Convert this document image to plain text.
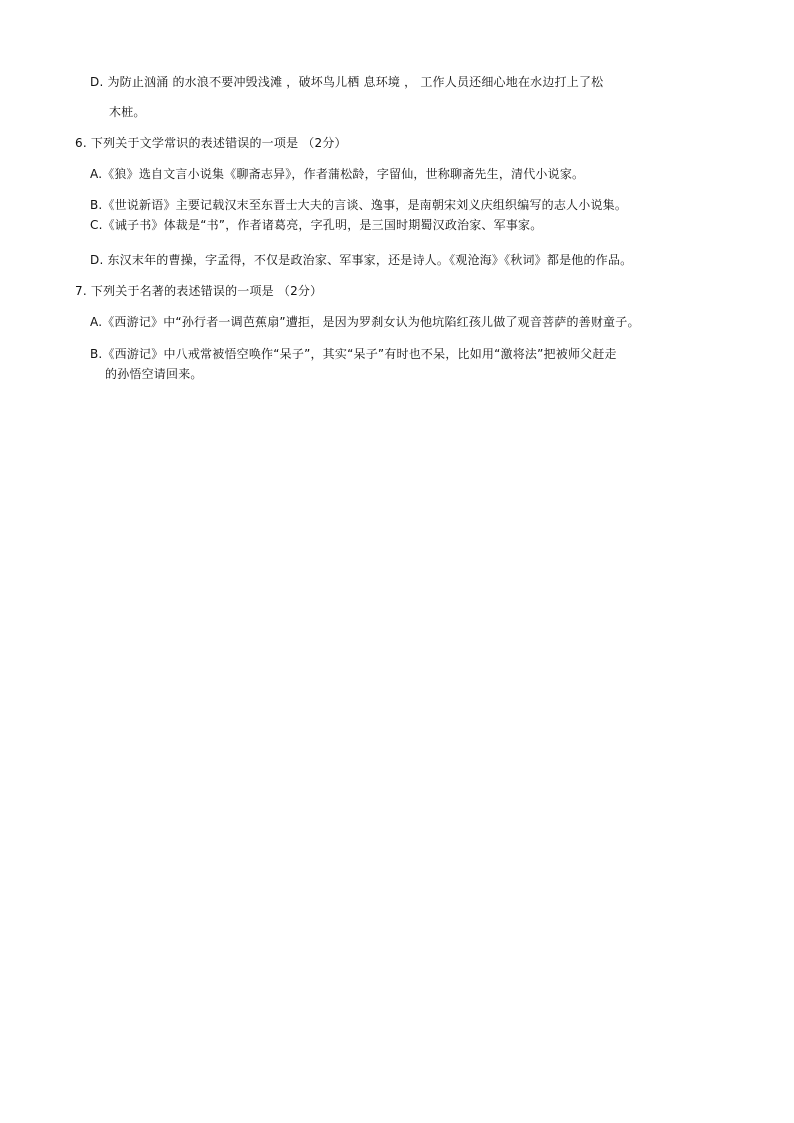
D. 为防止汹涌 的水浪不要冲毁浅滩 ，破坏鸟儿栖 息环境 ， 工作人员还细心地在水边打上了松
木桩。
6. 下列关于文学常识的表述错误的一项是 （2分）
A.《狼》选自文言小说集《聊斋志异》，作者蒲松龄，字留仙，世称聊斋先生，清代小说家。
B.《世说新语》主要记载汉末至东晋士大夫的言谈、逸事，是南朝宋刘义庆组织编写的志人小说集。
C.《诫子书》体裁是“书”，作者诸葛亮，字孔明，是三国时期蜀汉政治家、军事家。
D. 东汉末年的曹操，字孟得，不仅是政治家、军事家，还是诗人。《观沧海》《秋词》都是他的作品。
7. 下列关于名著的表述错误的一项是 （2分）
A.《西游记》中“孙行者一调芭蕉扇”遭拒，是因为罗刹女认为他坑陷红孩儿做了观音菩萨的善财童子。
B.《西游记》中八戒常被悟空唤作“呆子”，其实“呆子”有时也不呆，比如用“激将法”把被师父赶走
的孙悟空请回来。
